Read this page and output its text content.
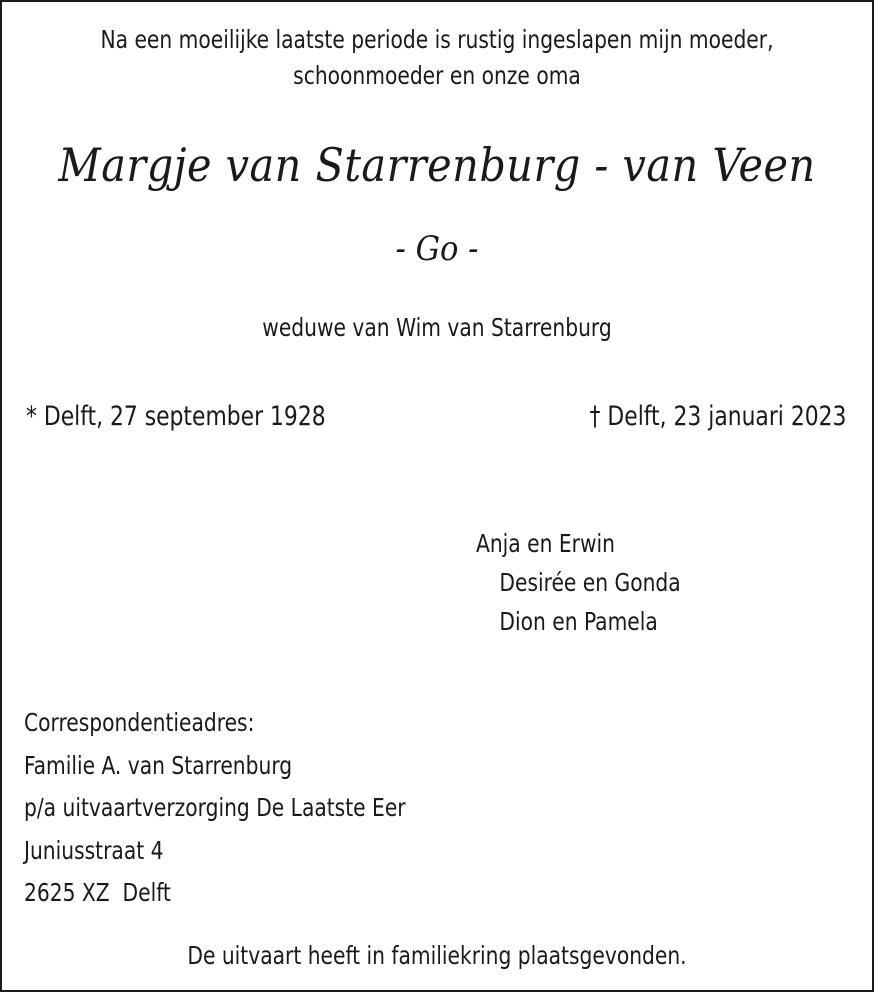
Na een moeilijke laatste periode is rustig ingeslapen mijn moeder,
schoonmoeder en onze oma
Margje van Starrenburg - van Veen
- Go -
weduwe van Wim van Starrenburg
* Delft, 27 september 1928	† Delft, 23 januari 2023
Anja en Erwin
Desirée en Gonda
Dion en Pamela
Correspondentieadres:
Familie A. van Starrenburg
p/a uitvaartverzorging De Laatste Eer
Juniusstraat 4
2625 XZ  Delft
De uitvaart heeft in familiekring plaatsgevonden.
